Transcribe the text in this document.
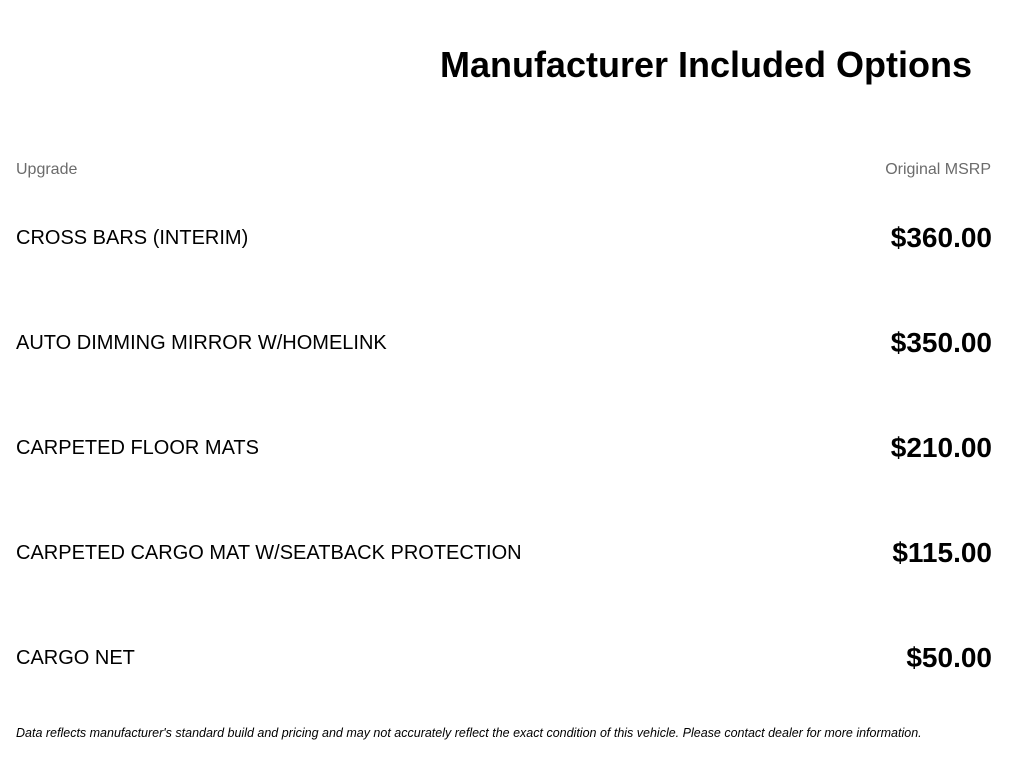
Manufacturer Included Options
Upgrade	Original MSRP
CROSS BARS (INTERIM)	$360.00
AUTO DIMMING MIRROR W/HOMELINK	$350.00
CARPETED FLOOR MATS	$210.00
CARPETED CARGO MAT W/SEATBACK PROTECTION	$115.00
CARGO NET	$50.00

Data reflects manufacturer's standard build and pricing and may not accurately reflect the exact condition of this vehicle. Please contact dealer for more information.
